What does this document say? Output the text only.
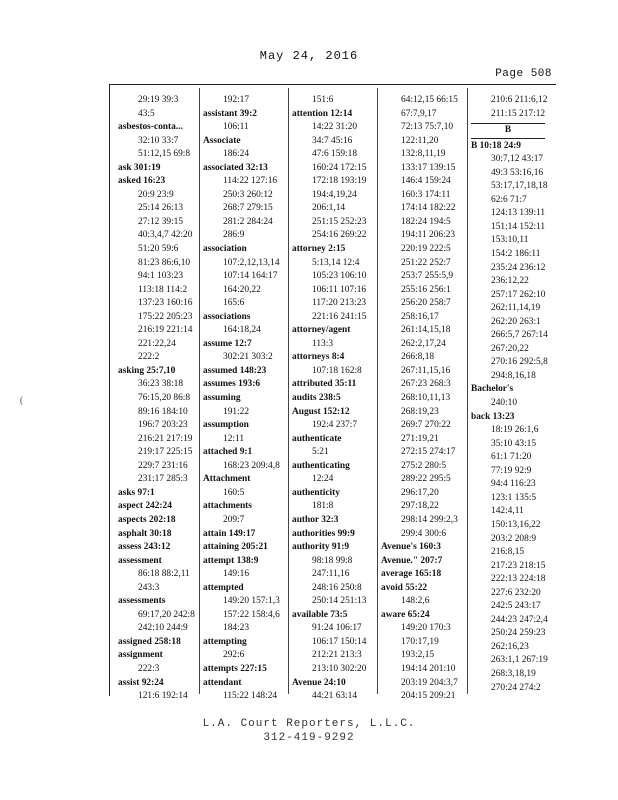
May 24, 2016
Page 508
(
29:19 39:3
43:5
asbestos-conta...
32:10 33:7
51:12,15 69:8
ask 301:19
asked 16:23
20:9 23:9
25:14 26:13
27:12 39:15
40:3,4,7 42:20
51:20 59:6
81:23 86:6,10
94:1 103:23
113:18 114:2
137:23 160:16
175:22 205:23
216:19 221:14
221:22,24
222:2
asking 25:7,10
36:23 38:18
76:15,20 86:8
89:16 184:10
196:7 203:23
216:21 217:19
219:17 225:15
229:7 231:16
231:17 285:3
asks 97:1
aspect 242:24
aspects 202:18
asphalt 30:18
assess 243:12
assessment
86:18 88:2,11
243:3
assessments
69:17,20 242:8
242:10 244:9
assigned 258:18
assignment
222:3
assist 92:24
121:6 192:14
192:17
assistant 39:2
106:11
Associate
186:24
associated 32:13
114:22 127:16
250:3 260:12
268:7 279:15
281:2 284:24
286:9
association
107:2,12,13,14
107:14 164:17
164:20,22
165:6
associations
164:18,24
assume 12:7
302:21 303:2
assumed 148:23
assumes 193:6
assuming
191:22
assumption
12:11
attached 9:1
168:23 209:4,8
Attachment
160:5
attachments
209:7
attain 149:17
attaining 205:21
attempt 138:9
149:16
attempted
149:20 157:1,3
157:22 158:4,6
184:23
attempting
292:6
attempts 227:15
attendant
115:22 148:24
151:6
attention 12:14
14:22 31:20
34:7 45:16
47:6 159:18
160:24 172:15
172:18 193:19
194:4,19,24
206:1,14
251:15 252:23
254:16 269:22
attorney 2:15
5:13,14 12:4
105:23 106:10
106:11 107:16
117:20 213:23
221:16 241:15
attorney/agent
113:3
attorneys 8:4
107:18 162:8
attributed 35:11
audits 238:5
August 152:12
192:4 237:7
authenticate
5:21
authenticating
12:24
authenticity
181:8
author 32:3
authorities 99:9
authority 91:9
98:18 99:8
247:11,16
248:16 250:8
250:14 251:13
available 73:5
91:24 106:17
106:17 150:14
212:21 213:3
213:10 302:20
Avenue 24:10
44:21 63:14
64:12,15 66:15
67:7,9,17
72:13 75:7,10
122:11,20
132:8,11,19
133:17 139:15
146:4 159:24
160:3 174:11
174:14 182:22
182:24 194:5
194:11 206:23
220:19 222:5
251:22 252:7
253:7 255:5,9
255:16 256:1
256:20 258:7
258:16,17
261:14,15,18
262:2,17,24
266:8,18
267:11,15,16
267:23 268:3
268:10,11,13
268:19,23
269:7 270:22
271:19,21
272:15 274:17
275:2 280:5
289:22 295:5
296:17,20
297:18,22
298:14 299:2,3
299:4 300:6
Avenue's 160:3
Avenue." 207:7
average 165:18
avoid 55:22
148:2,6
aware 65:24
149:20 170:3
170:17,19
193:2,15
194:14 201:10
203:19 204:3,7
204:15 209:21
210:6 211:6,12
211:15 217:12
B
B 10:18 24:9
30:7,12 43:17
49:3 53:16,16
53:17,17,18,18
62:6 71:7
124:13 139:11
151:14 152:11
153:10,11
154:2 186:11
235:24 236:12
236:12,22
257:17 262:10
262:11,14,19
262:20 263:1
266:5,7 267:14
267:20,22
270:16 292:5,8
294:8,16,18
Bachelor's
240:10
back 13:23
18:19 26:1,6
35:10 43:15
61:1 71:20
77:19 92:9
94:4 116:23
123:1 135:5
142:4,11
150:13,16,22
203:2 208:9
216:8,15
217:23 218:15
222:13 224:18
227:6 232:20
242:5 243:17
244:23 247:2,4
250:24 259:23
262:16,23
263:1,1 267:19
268:3,18,19
270:24 274:2
L.A. Court Reporters, L.L.C.
312-419-9292
